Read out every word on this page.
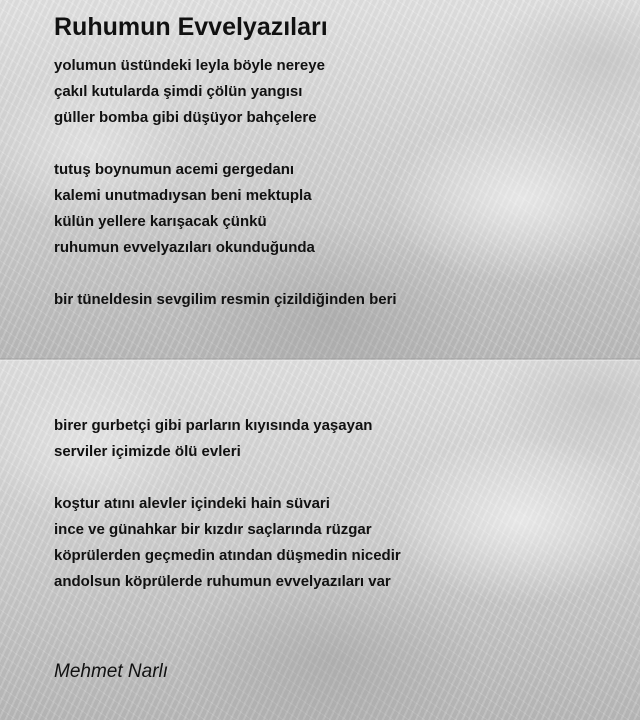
Ruhumun Evvelyazıları

yolumun üstündeki leyla böyle nereye

çakıl kutularda şimdi çölün yangısı

güller bomba gibi düşüyor bahçelere

tutuş boynumun acemi gergedanı

kalemi unutmadıysan beni mektupla

külün yellere karışacak çünkü

ruhumun evvelyazıları okunduğunda

bir tüneldesin sevgilim resmin çizildiğinden beri

birer gurbetçi gibi parların kıyısında yaşayan

serviler içimizde ölü evleri

koştur atını alevler içindeki hain süvari

ince ve günahkar bir kızdır saçlarında rüzgar

köprülerden geçmedin atından düşmedin nicedir

andolsun köprülerde ruhumun evvelyazıları var

Mehmet Narlı
